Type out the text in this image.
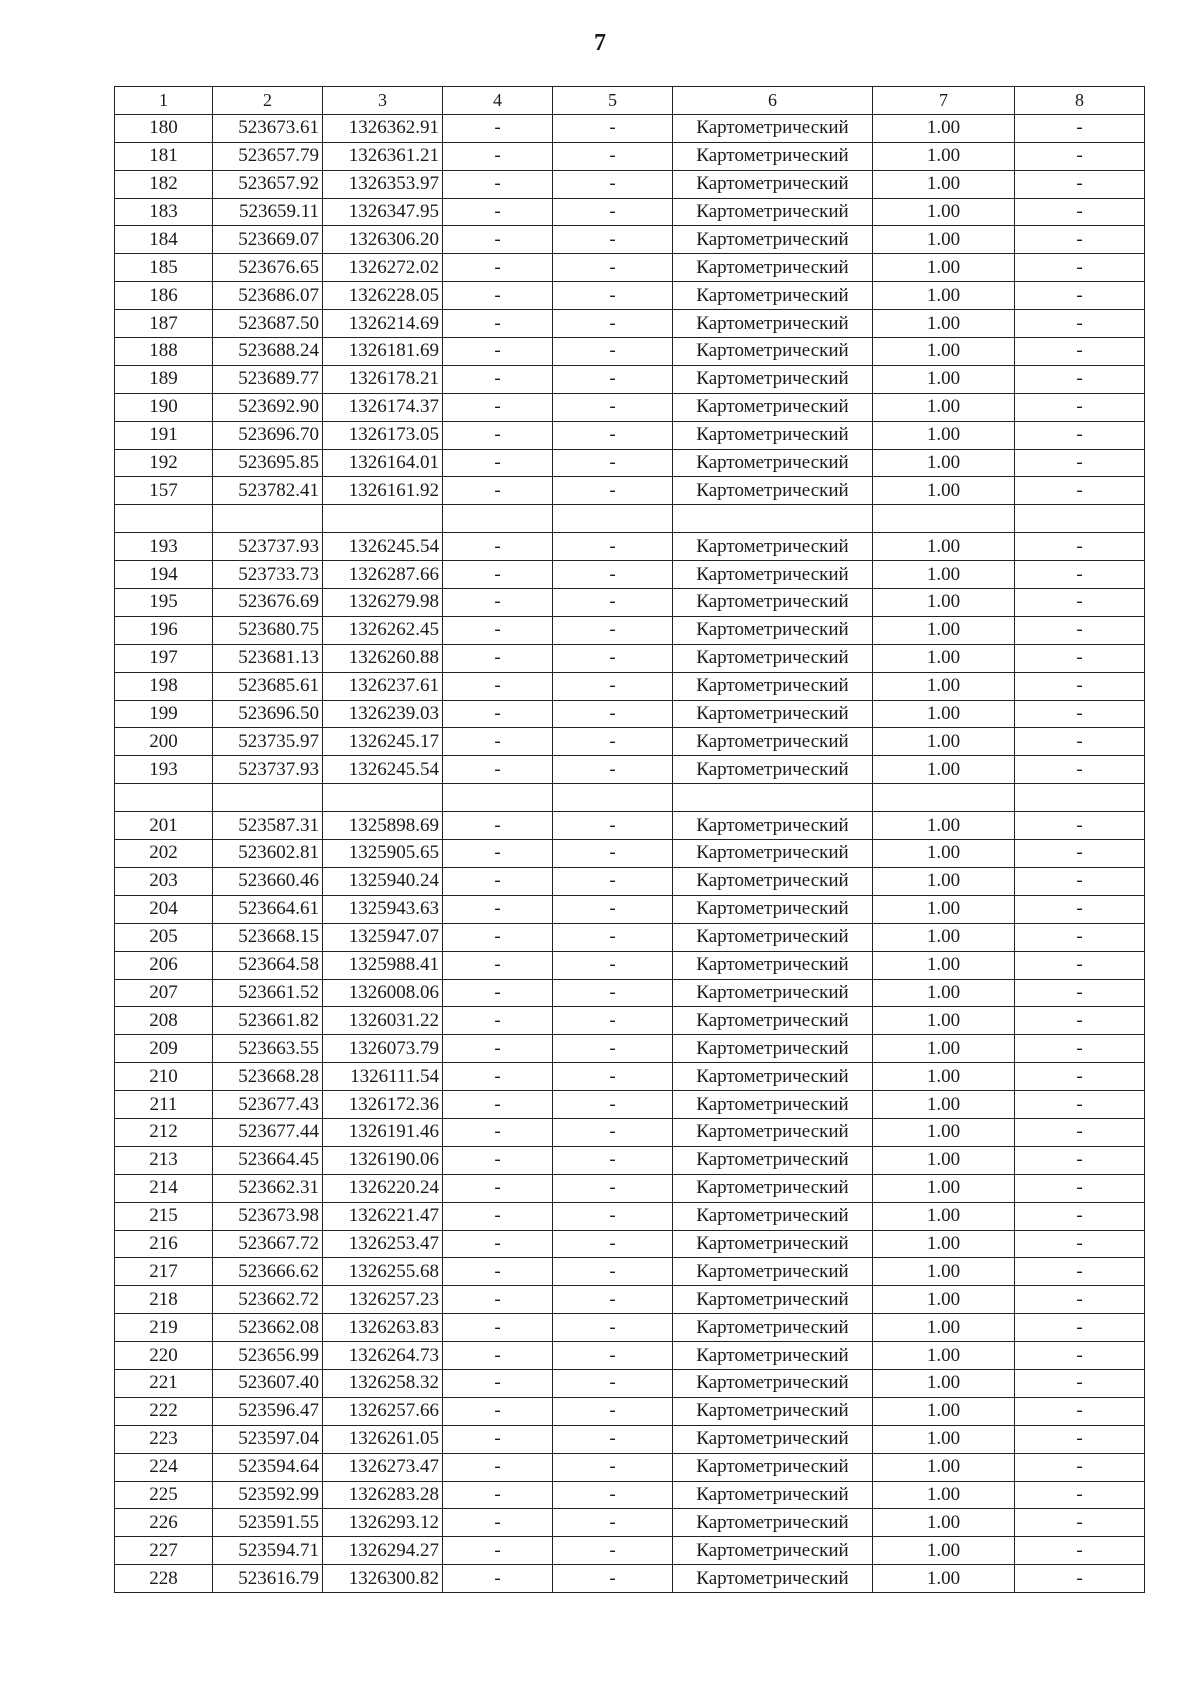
7
1	2	3	4	5	6	7	8
180	523673.61	1326362.91	-	-	Картометрический	1.00	-
181	523657.79	1326361.21	-	-	Картометрический	1.00	-
182	523657.92	1326353.97	-	-	Картометрический	1.00	-
183	523659.11	1326347.95	-	-	Картометрический	1.00	-
184	523669.07	1326306.20	-	-	Картометрический	1.00	-
185	523676.65	1326272.02	-	-	Картометрический	1.00	-
186	523686.07	1326228.05	-	-	Картометрический	1.00	-
187	523687.50	1326214.69	-	-	Картометрический	1.00	-
188	523688.24	1326181.69	-	-	Картометрический	1.00	-
189	523689.77	1326178.21	-	-	Картометрический	1.00	-
190	523692.90	1326174.37	-	-	Картометрический	1.00	-
191	523696.70	1326173.05	-	-	Картометрический	1.00	-
192	523695.85	1326164.01	-	-	Картометрический	1.00	-
157	523782.41	1326161.92	-	-	Картометрический	1.00	-

193	523737.93	1326245.54	-	-	Картометрический	1.00	-
194	523733.73	1326287.66	-	-	Картометрический	1.00	-
195	523676.69	1326279.98	-	-	Картометрический	1.00	-
196	523680.75	1326262.45	-	-	Картометрический	1.00	-
197	523681.13	1326260.88	-	-	Картометрический	1.00	-
198	523685.61	1326237.61	-	-	Картометрический	1.00	-
199	523696.50	1326239.03	-	-	Картометрический	1.00	-
200	523735.97	1326245.17	-	-	Картометрический	1.00	-
193	523737.93	1326245.54	-	-	Картометрический	1.00	-

201	523587.31	1325898.69	-	-	Картометрический	1.00	-
202	523602.81	1325905.65	-	-	Картометрический	1.00	-
203	523660.46	1325940.24	-	-	Картометрический	1.00	-
204	523664.61	1325943.63	-	-	Картометрический	1.00	-
205	523668.15	1325947.07	-	-	Картометрический	1.00	-
206	523664.58	1325988.41	-	-	Картометрический	1.00	-
207	523661.52	1326008.06	-	-	Картометрический	1.00	-
208	523661.82	1326031.22	-	-	Картометрический	1.00	-
209	523663.55	1326073.79	-	-	Картометрический	1.00	-
210	523668.28	1326111.54	-	-	Картометрический	1.00	-
211	523677.43	1326172.36	-	-	Картометрический	1.00	-
212	523677.44	1326191.46	-	-	Картометрический	1.00	-
213	523664.45	1326190.06	-	-	Картометрический	1.00	-
214	523662.31	1326220.24	-	-	Картометрический	1.00	-
215	523673.98	1326221.47	-	-	Картометрический	1.00	-
216	523667.72	1326253.47	-	-	Картометрический	1.00	-
217	523666.62	1326255.68	-	-	Картометрический	1.00	-
218	523662.72	1326257.23	-	-	Картометрический	1.00	-
219	523662.08	1326263.83	-	-	Картометрический	1.00	-
220	523656.99	1326264.73	-	-	Картометрический	1.00	-
221	523607.40	1326258.32	-	-	Картометрический	1.00	-
222	523596.47	1326257.66	-	-	Картометрический	1.00	-
223	523597.04	1326261.05	-	-	Картометрический	1.00	-
224	523594.64	1326273.47	-	-	Картометрический	1.00	-
225	523592.99	1326283.28	-	-	Картометрический	1.00	-
226	523591.55	1326293.12	-	-	Картометрический	1.00	-
227	523594.71	1326294.27	-	-	Картометрический	1.00	-
228	523616.79	1326300.82	-	-	Картометрический	1.00	-
